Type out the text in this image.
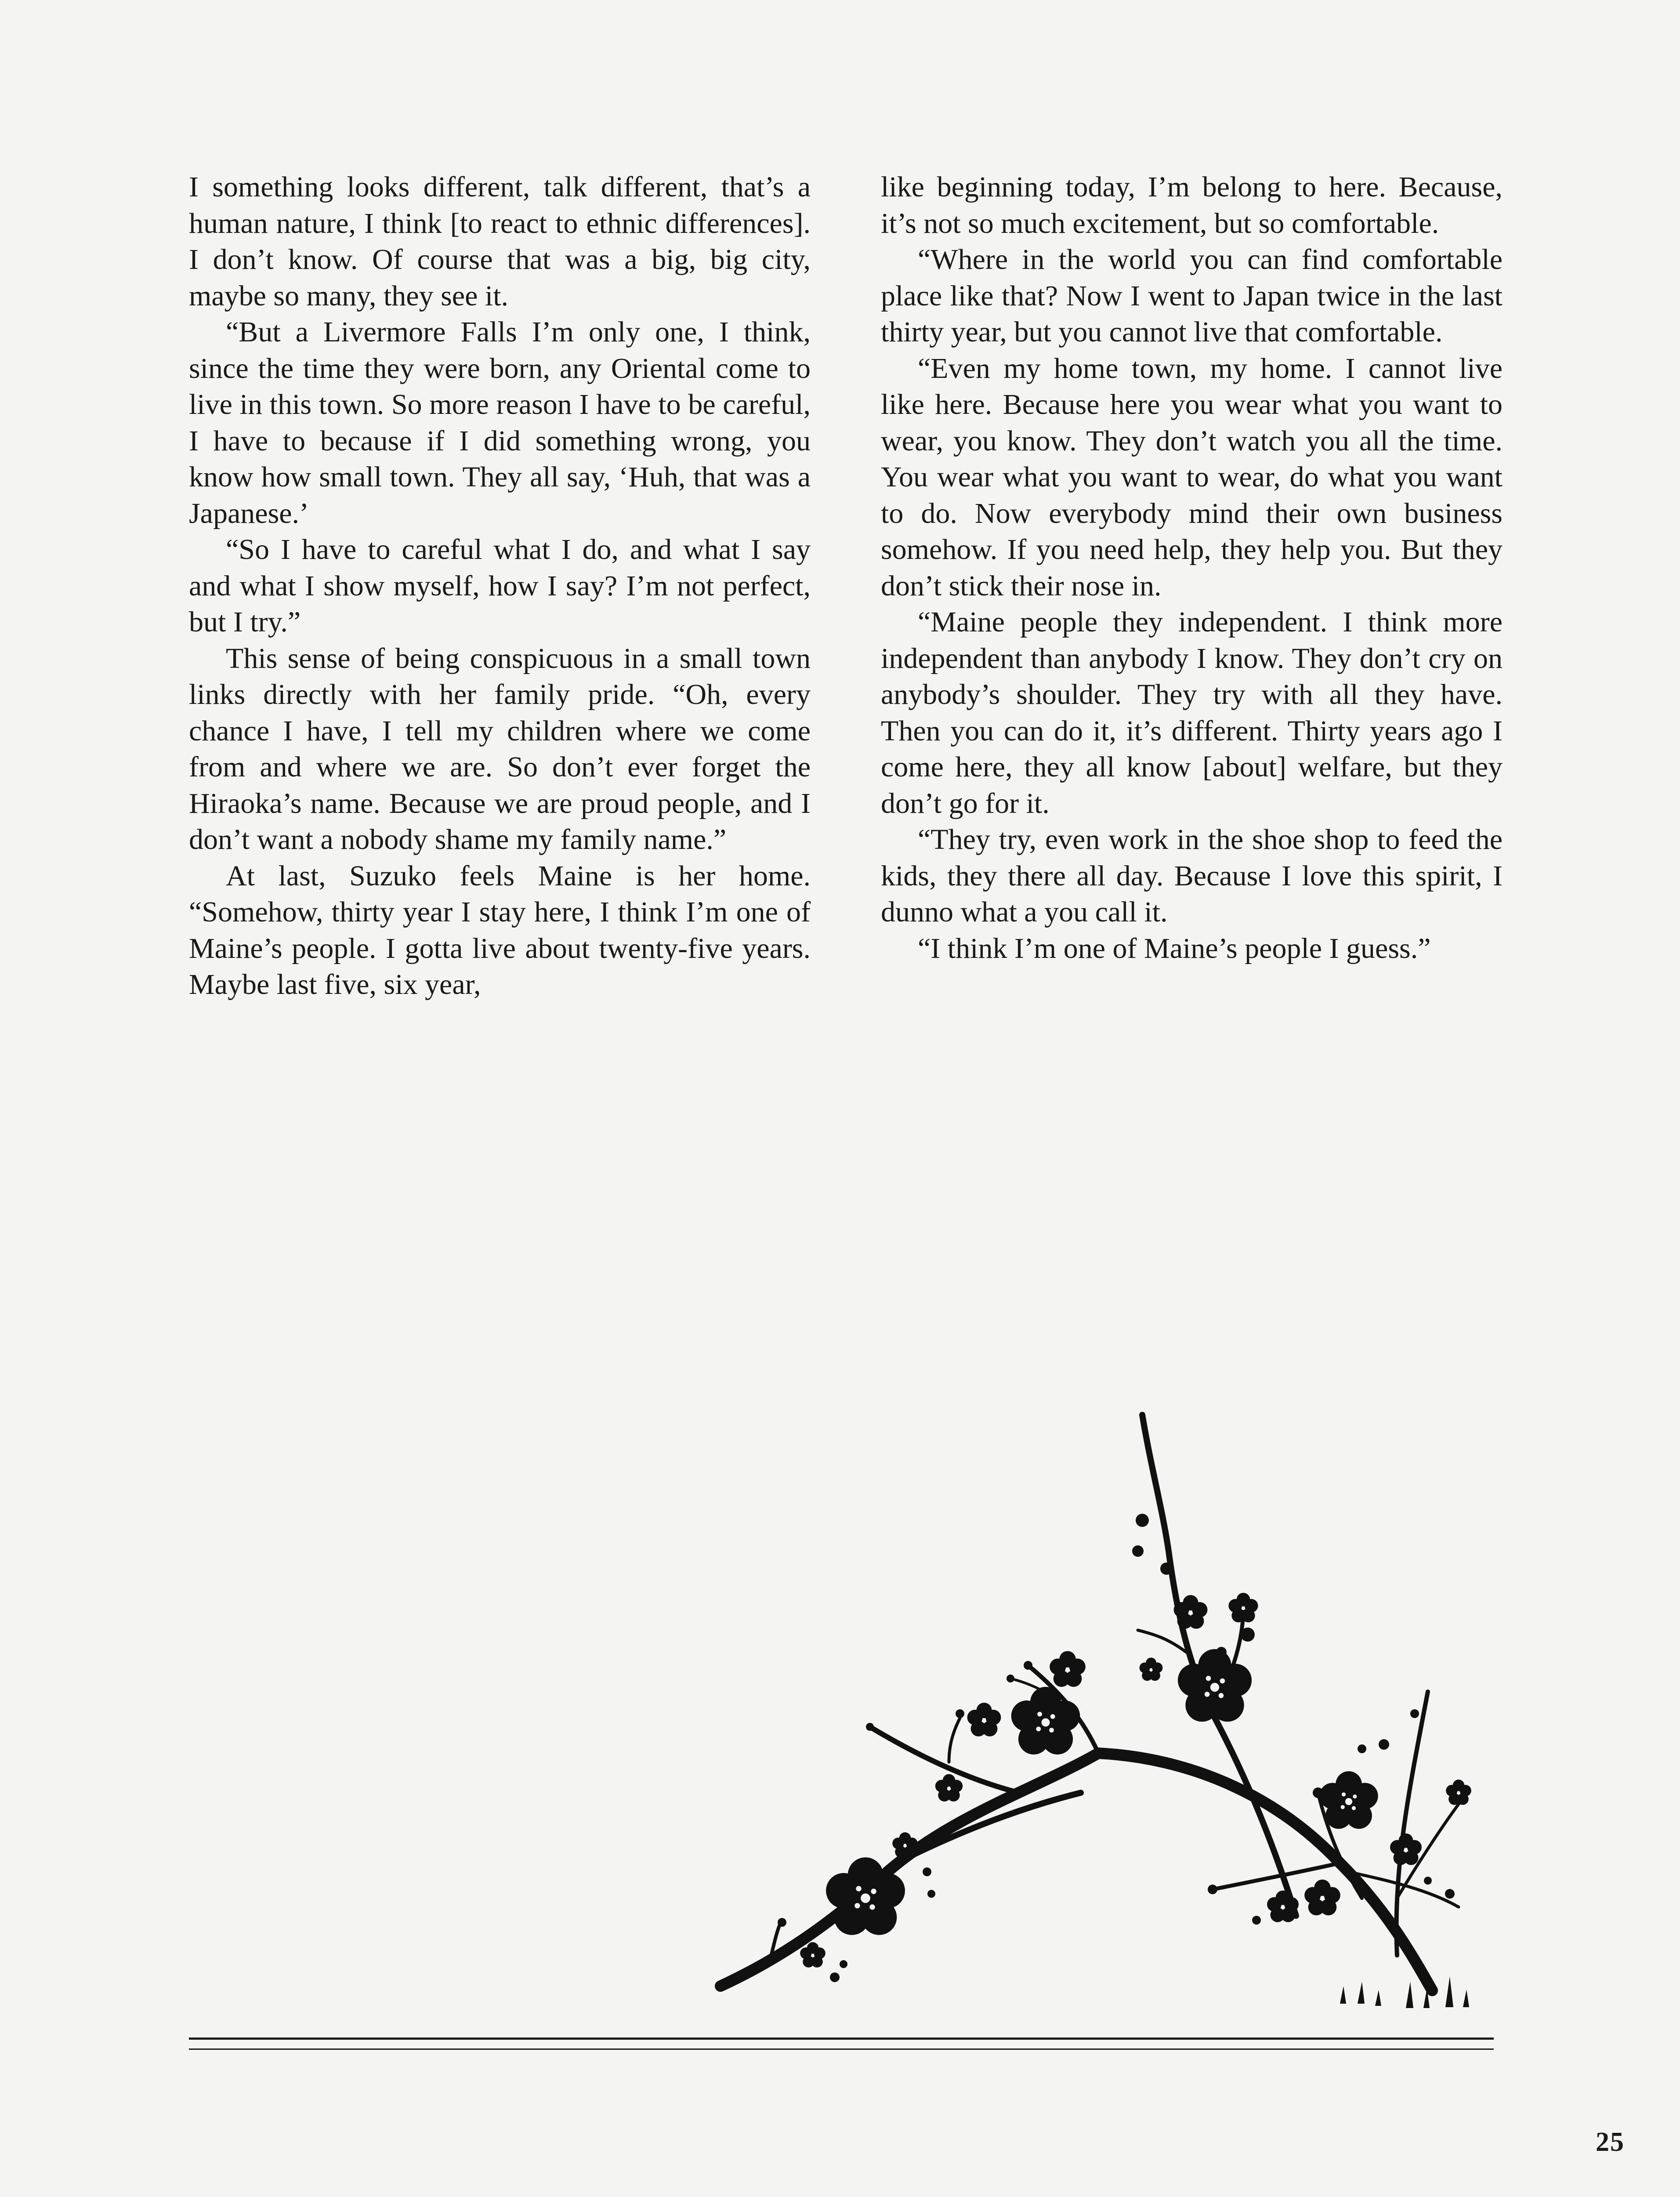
I something looks different, talk different, that’s a human nature, I think [to react to ethnic differences]. I don’t know. Of course that was a big, big city, maybe so many, they see it.

“But a Livermore Falls I’m only one, I think, since the time they were born, any Oriental come to live in this town. So more reason I have to be careful, I have to because if I did something wrong, you know how small town. They all say, ‘Huh, that was a Japanese.’

“So I have to careful what I do, and what I say and what I show myself, how I say? I’m not perfect, but I try.”

This sense of being conspicuous in a small town links directly with her family pride. “Oh, every chance I have, I tell my children where we come from and where we are. So don’t ever forget the Hiraoka’s name. Because we are proud people, and I don’t want a nobody shame my family name.”

At last, Suzuko feels Maine is her home. “Somehow, thirty year I stay here, I think I’m one of Maine’s people. I gotta live about twenty-five years. Maybe last five, six year,

like beginning today, I’m belong to here. Because, it’s not so much excitement, but so comfortable.

“Where in the world you can find comfortable place like that? Now I went to Japan twice in the last thirty year, but you cannot live that comfortable.

“Even my home town, my home. I cannot live like here. Because here you wear what you want to wear, you know. They don’t watch you all the time. You wear what you want to wear, do what you want to do. Now everybody mind their own business somehow. If you need help, they help you. But they don’t stick their nose in.

“Maine people they independent. I think more independent than anybody I know. They don’t cry on anybody’s shoulder. They try with all they have. Then you can do it, it’s different. Thirty years ago I come here, they all know [about] welfare, but they don’t go for it.

“They try, even work in the shoe shop to feed the kids, they there all day. Because I love this spirit, I dunno what a you call it.

“I think I’m one of Maine’s people I guess.”

25
